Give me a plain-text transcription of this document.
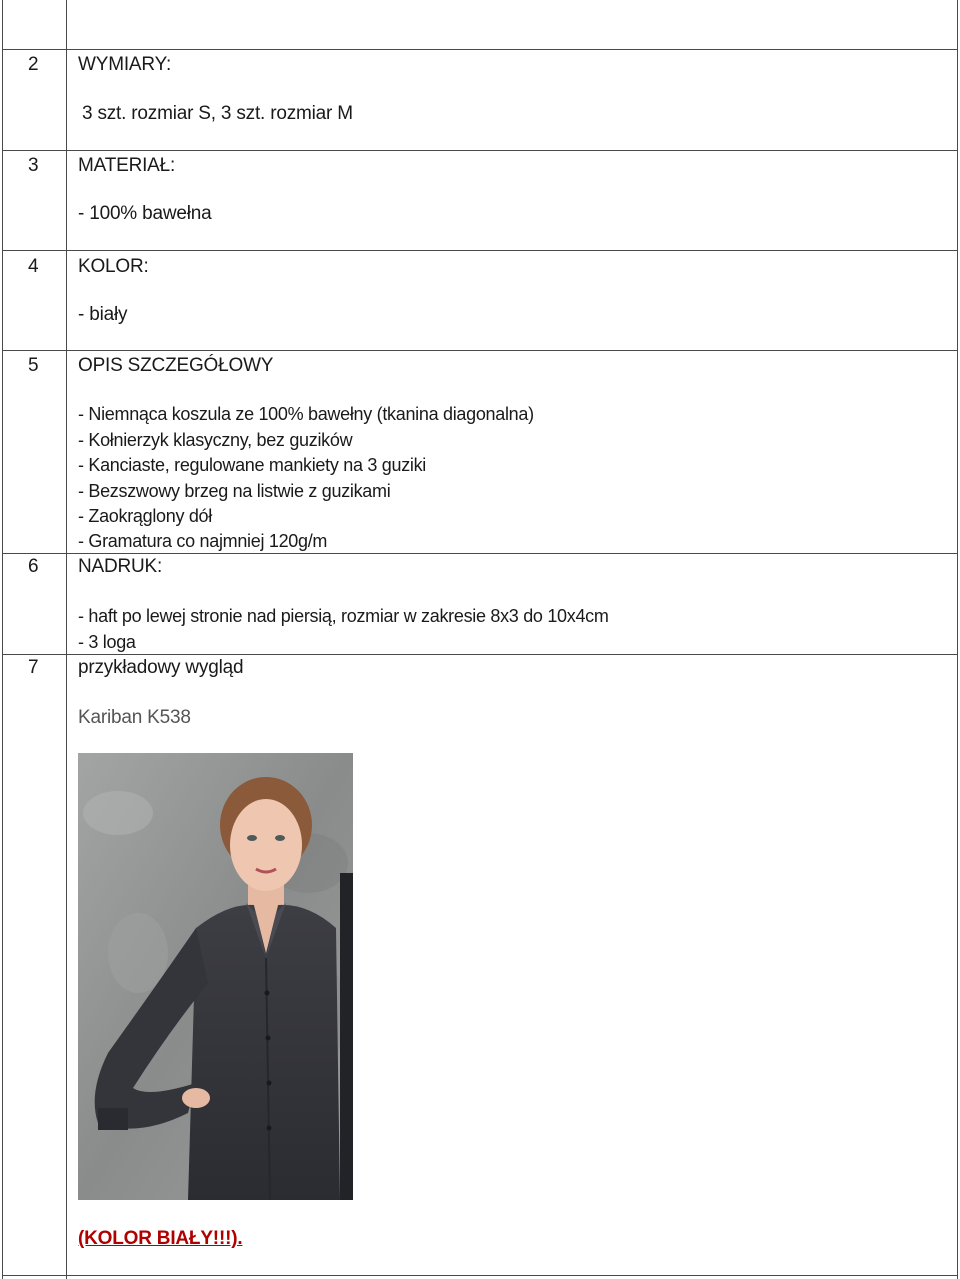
2 WYMIARY:
3 szt. rozmiar S, 3 szt. rozmiar M
3 MATERIAŁ:
- 100% bawełna
4 KOLOR:
- biały
5 OPIS SZCZEGÓŁOWY
- Niemnąca koszula ze 100% bawełny (tkanina diagonalna)
- Kołnierzyk klasyczny, bez guzików
- Kanciaste, regulowane mankiety na 3 guziki
- Bezszwowy brzeg na listwie z guzikami
- Zaokrąglony dół
- Gramatura co najmniej 120g/m
6 NADRUK:
- haft po lewej stronie nad piersią, rozmiar w zakresie 8x3 do 10x4cm
- 3 loga
7 przykładowy wygląd
Kariban K538
(KOLOR BIAŁY!!!).
